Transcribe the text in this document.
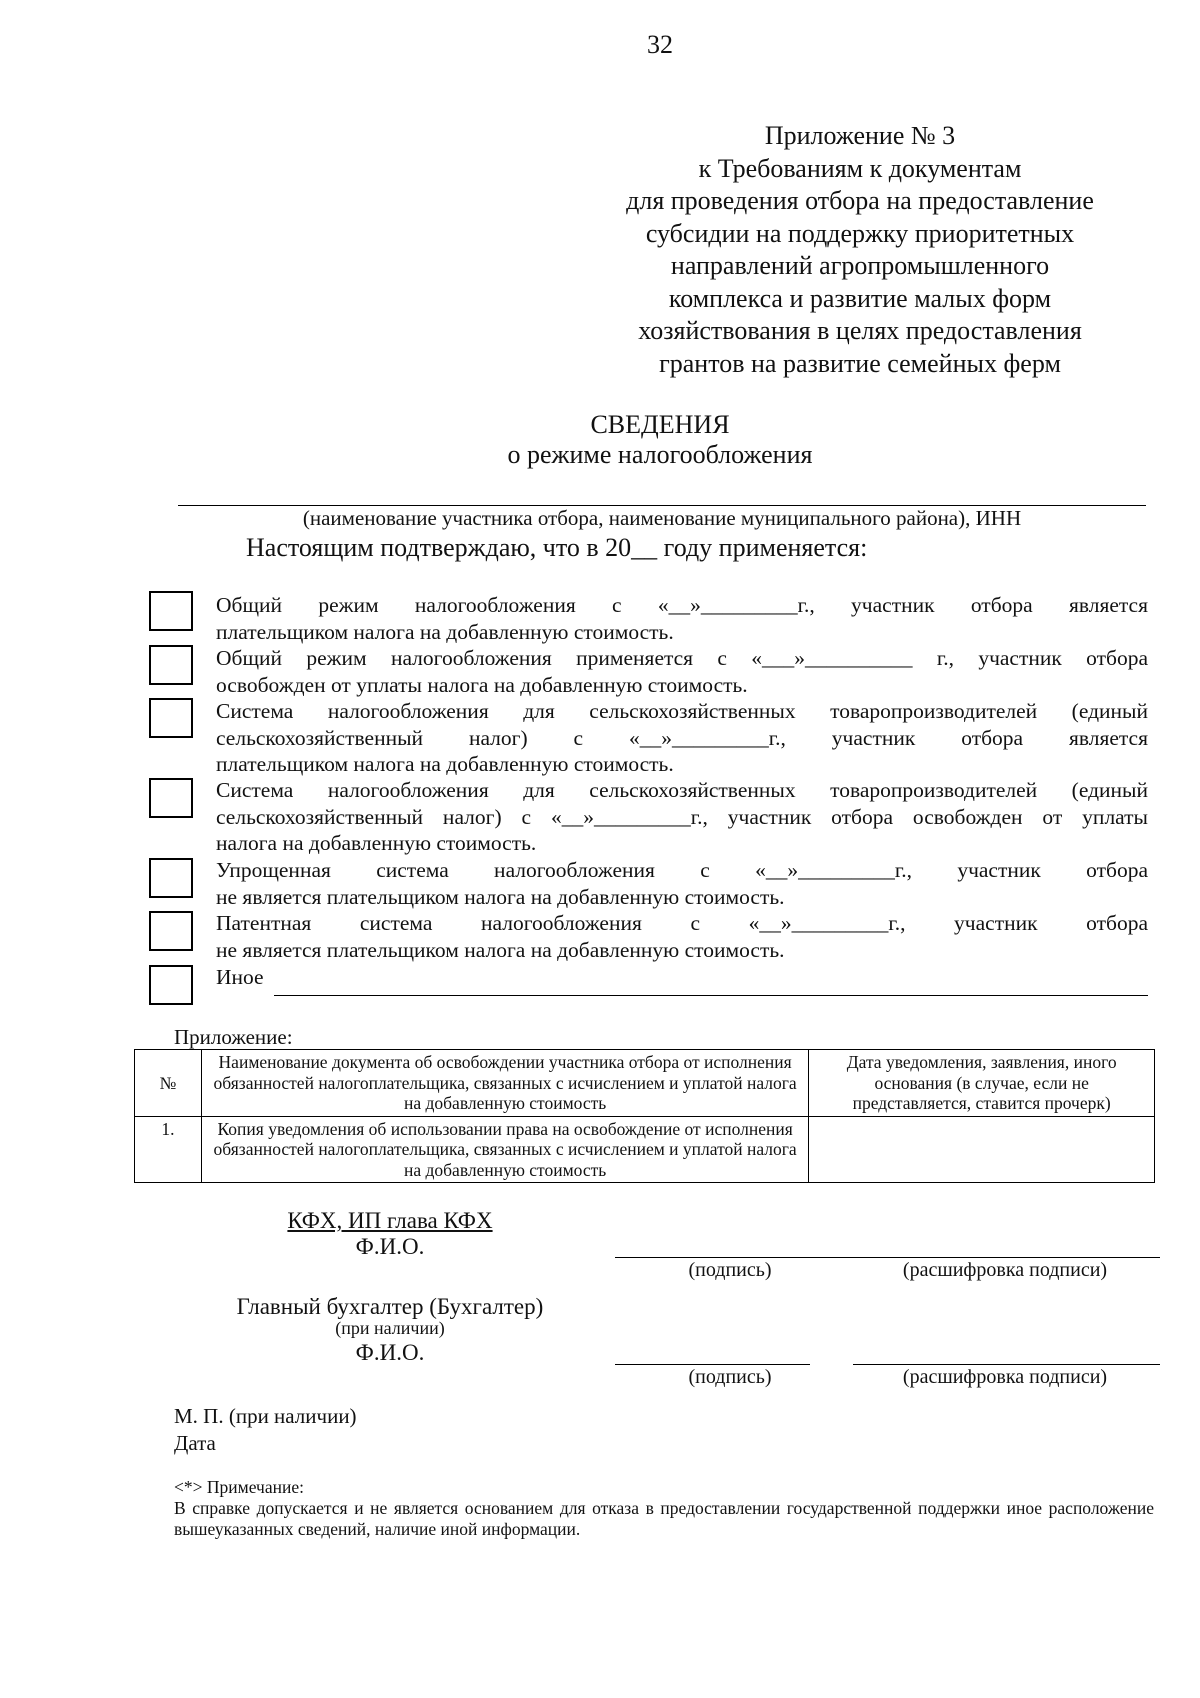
32
Приложение № 3
к Требованиям к документам
для проведения отбора на предоставление
субсидии на поддержку приоритетных
направлений агропромышленного
комплекса и развитие малых форм
хозяйствования в целях предоставления
грантов на развитие семейных ферм
СВЕДЕНИЯ
о режиме налогообложения
(наименование участника отбора, наименование муниципального района), ИНН
Настоящим подтверждаю, что в 20__ году применяется:
Общий режим налогообложения с «__»_________г., участник отбора является
плательщиком налога на добавленную стоимость.
Общий режим налогообложения применяется с «___»__________ г., участник отбора
освобожден от уплаты налога на добавленную стоимость.
Система налогообложения для сельскохозяйственных товаропроизводителей (единый
сельскохозяйственный налог) с «__»_________г., участник отбора является
плательщиком налога на добавленную стоимость.
Система налогообложения для сельскохозяйственных товаропроизводителей (единый
сельскохозяйственный налог) с «__»_________г., участник отбора освобожден от уплаты
налога на добавленную стоимость.
Упрощенная система налогообложения с «__»_________г., участник отбора
не является плательщиком налога на добавленную стоимость.
Патентная система налогообложения с «__»_________г., участник отбора
не является плательщиком налога на добавленную стоимость.
Иное
Приложение:
№	Наименование документа об освобождении участника отбора от исполнения обязанностей налогоплательщика, связанных с исчислением и уплатой налога на добавленную стоимость	Дата уведомления, заявления, иного основания (в случае, если не представляется, ставится прочерк)
1.	Копия уведомления об использовании права на освобождение от исполнения обязанностей налогоплательщика, связанных с исчислением и уплатой налога на добавленную стоимость	
КФХ, ИП глава КФХ
Ф.И.О.
(подпись)	(расшифровка подписи)
Главный бухгалтер (Бухгалтер)
(при наличии)
Ф.И.О.
(подпись)	(расшифровка подписи)
М. П. (при наличии)
Дата
<*> Примечание:
В справке допускается и не является основанием для отказа в предоставлении государственной поддержки иное расположение вышеуказанных сведений, наличие иной информации.
